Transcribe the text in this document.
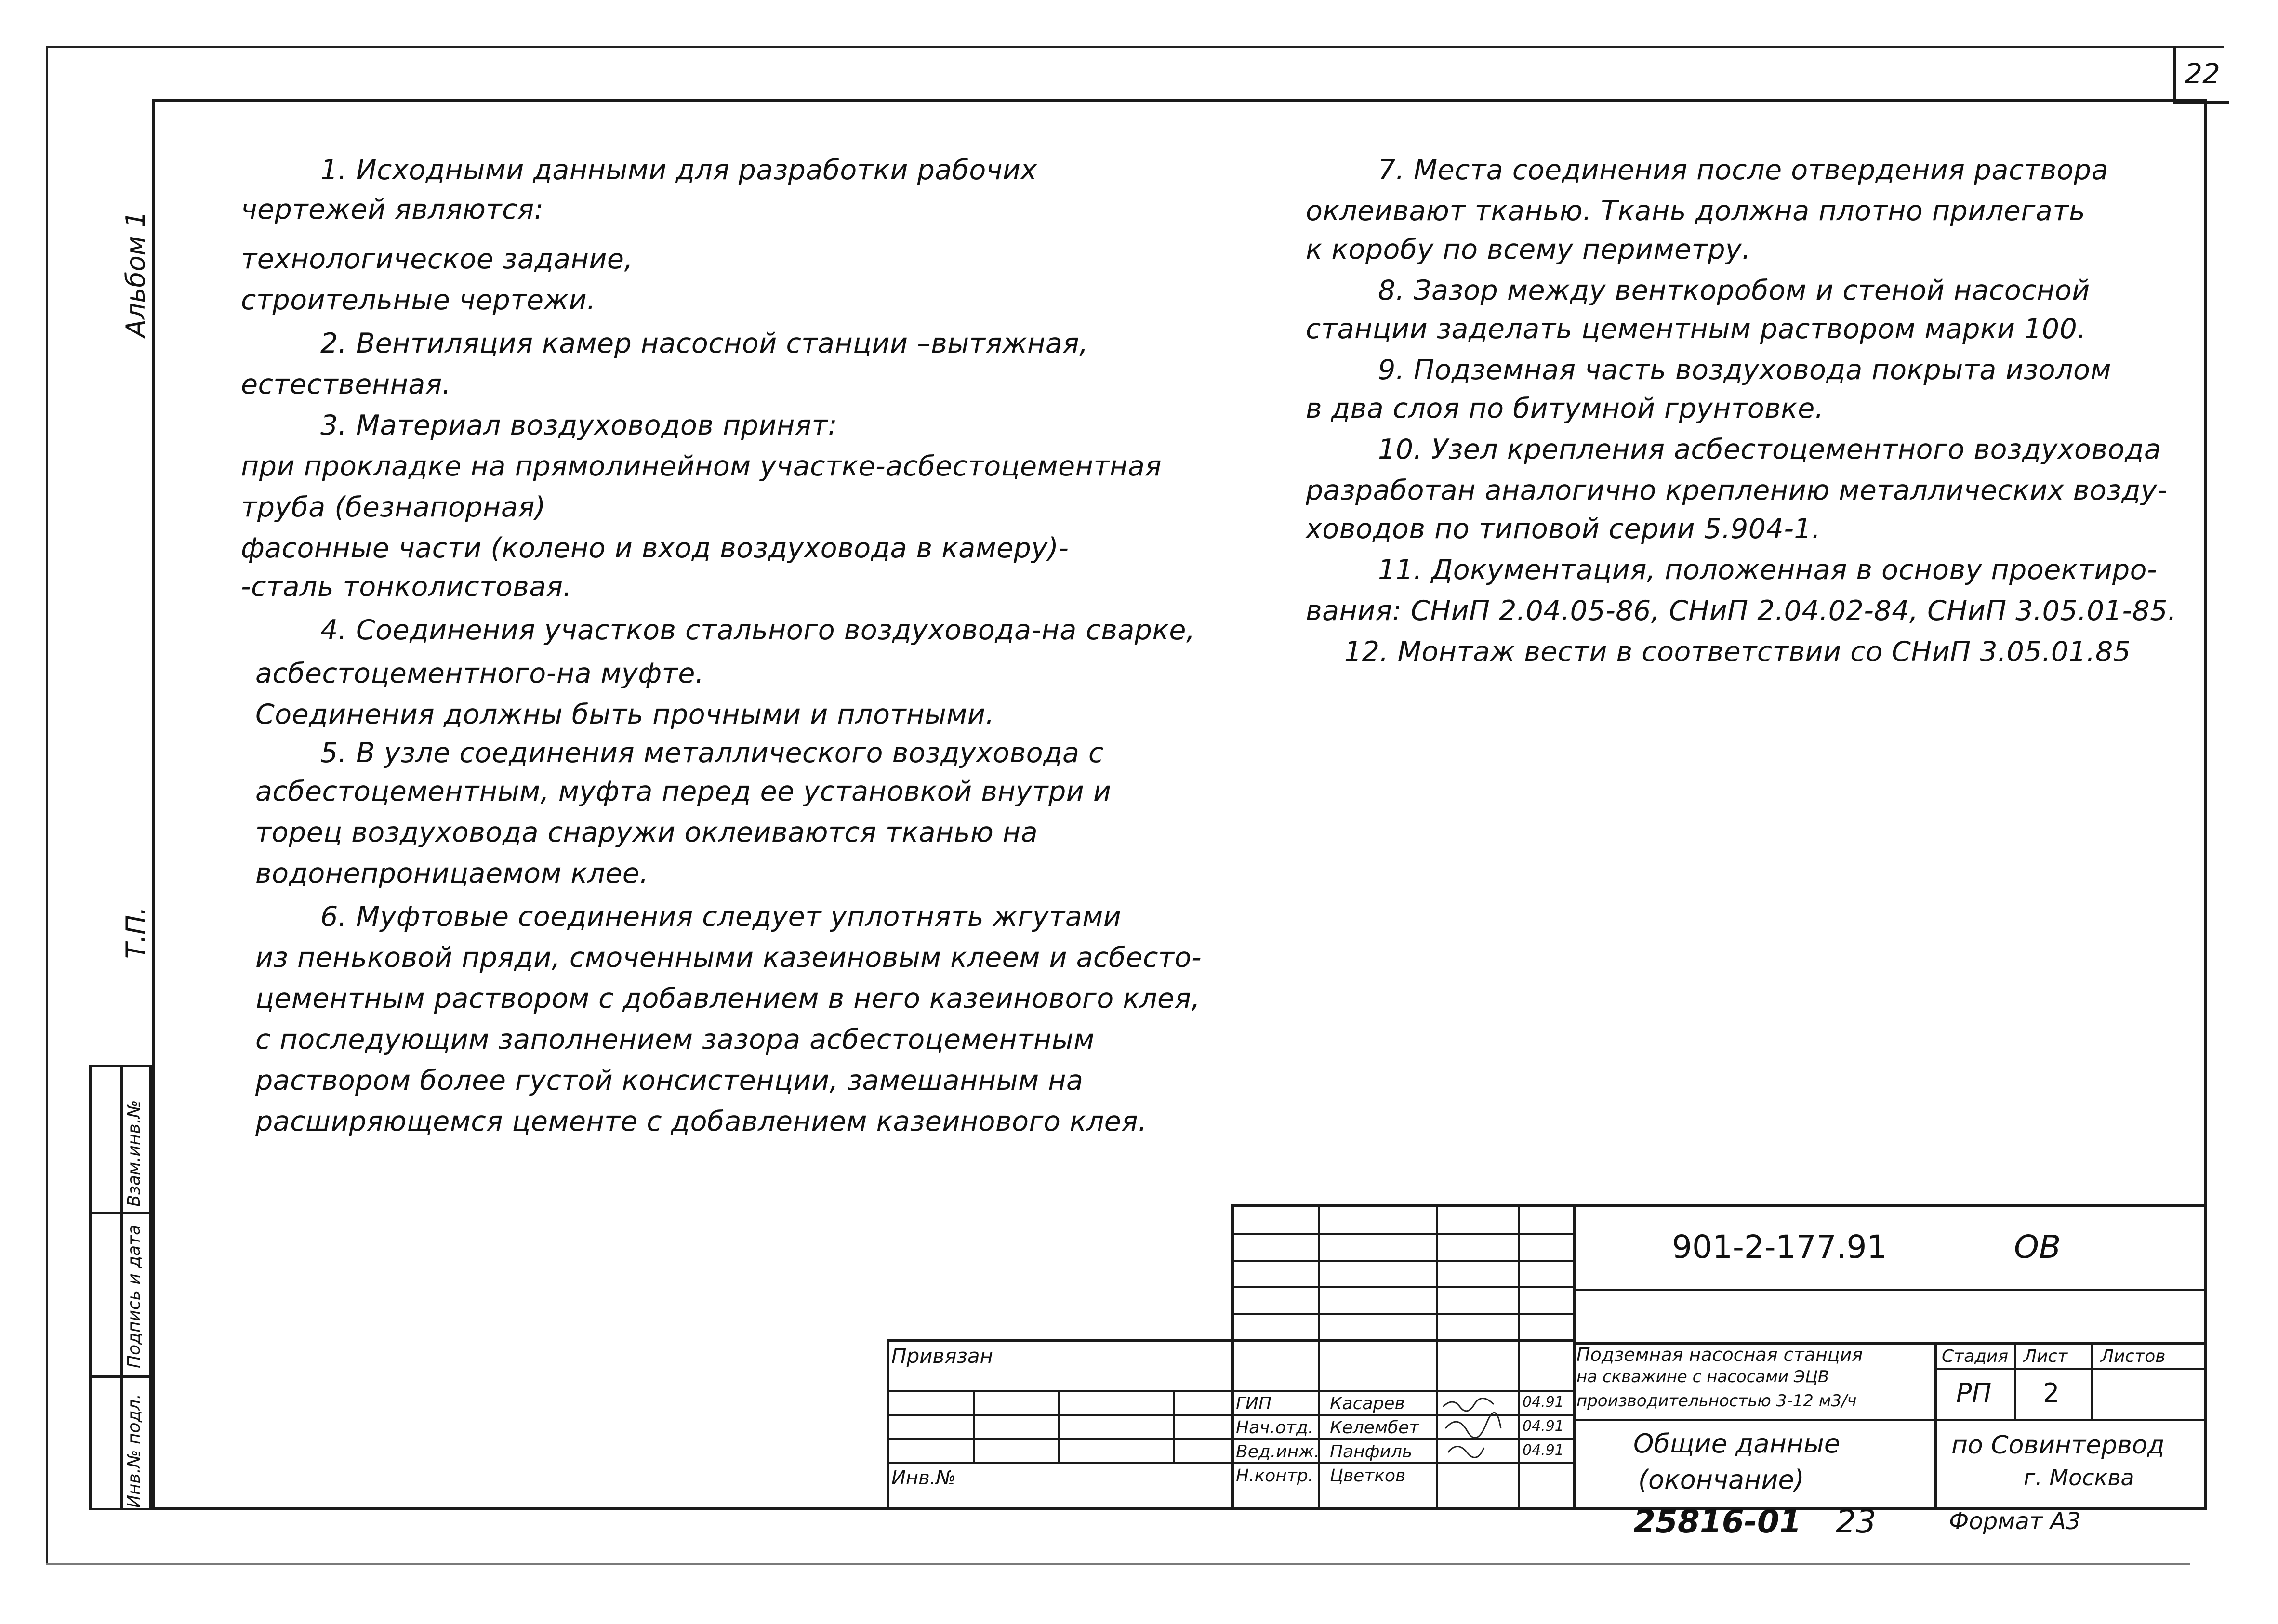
22
Альбом 1
Т.П.
Инв.№ подл.
Подпись и дата
Взам.инв.№
1. Исходными данными для разработки рабочих
чертежей являются:
технологическое задание,
строительные чертежи.
2. Вентиляция камер насосной станции –вытяжная,
естественная.
3. Материал воздуховодов принят:
при прокладке на прямолинейном участке-асбестоцементная
труба (безнапорная)
фасонные части (колено и вход воздуховода в камеру)-
-сталь тонколистовая.
4. Соединения участков стального воздуховода-на сварке,
асбестоцементного-на муфте.
Соединения должны быть прочными и плотными.
5. В узле соединения металлического воздуховода с
асбестоцементным, муфта перед ее установкой внутри и
торец воздуховода снаружи оклеиваются тканью на
водонепроницаемом клее.
6. Муфтовые соединения следует уплотнять жгутами
из пеньковой пряди, смоченными казеиновым клеем и асбесто-
цементным раствором с добавлением в него казеинового клея,
с последующим заполнением зазора асбестоцементным
раствором более густой консистенции, замешанным на
расширяющемся цементе с добавлением казеинового клея.
7. Места соединения после отвердения раствора
оклеивают тканью. Ткань должна плотно прилегать
к коробу по всему периметру.
8. Зазор между венткоробом и стеной насосной
станции заделать цементным раствором марки 100.
9. Подземная часть воздуховода покрыта изолом
в два слоя по битумной грунтовке.
10. Узел крепления асбестоцементного воздуховода
разработан аналогично креплению металлических возду-
ховодов по типовой серии 5.904-1.
11. Документация, положенная в основу проектиро-
вания: СНиП 2.04.05-86, СНиП 2.04.02-84, СНиП 3.05.01-85.
12. Монтаж вести в соответствии со СНиП 3.05.01.85
901-2-177.91	ОВ
Привязан
Инв.№
Подземная насосная станция
на скважине с насосами ЭЦВ
производительностью 3-12 м3/ч
Общие данные
(окончание)
по Совинтервод
г. Москва
Стадия Лист Листов
РП 2
ГИП	Касарев	04.91
Нач.отд. Келембет	04.91
Вед.инж. Панфиль	04.91
Н.контр. Цветков
25816-01 23	Формат А3
